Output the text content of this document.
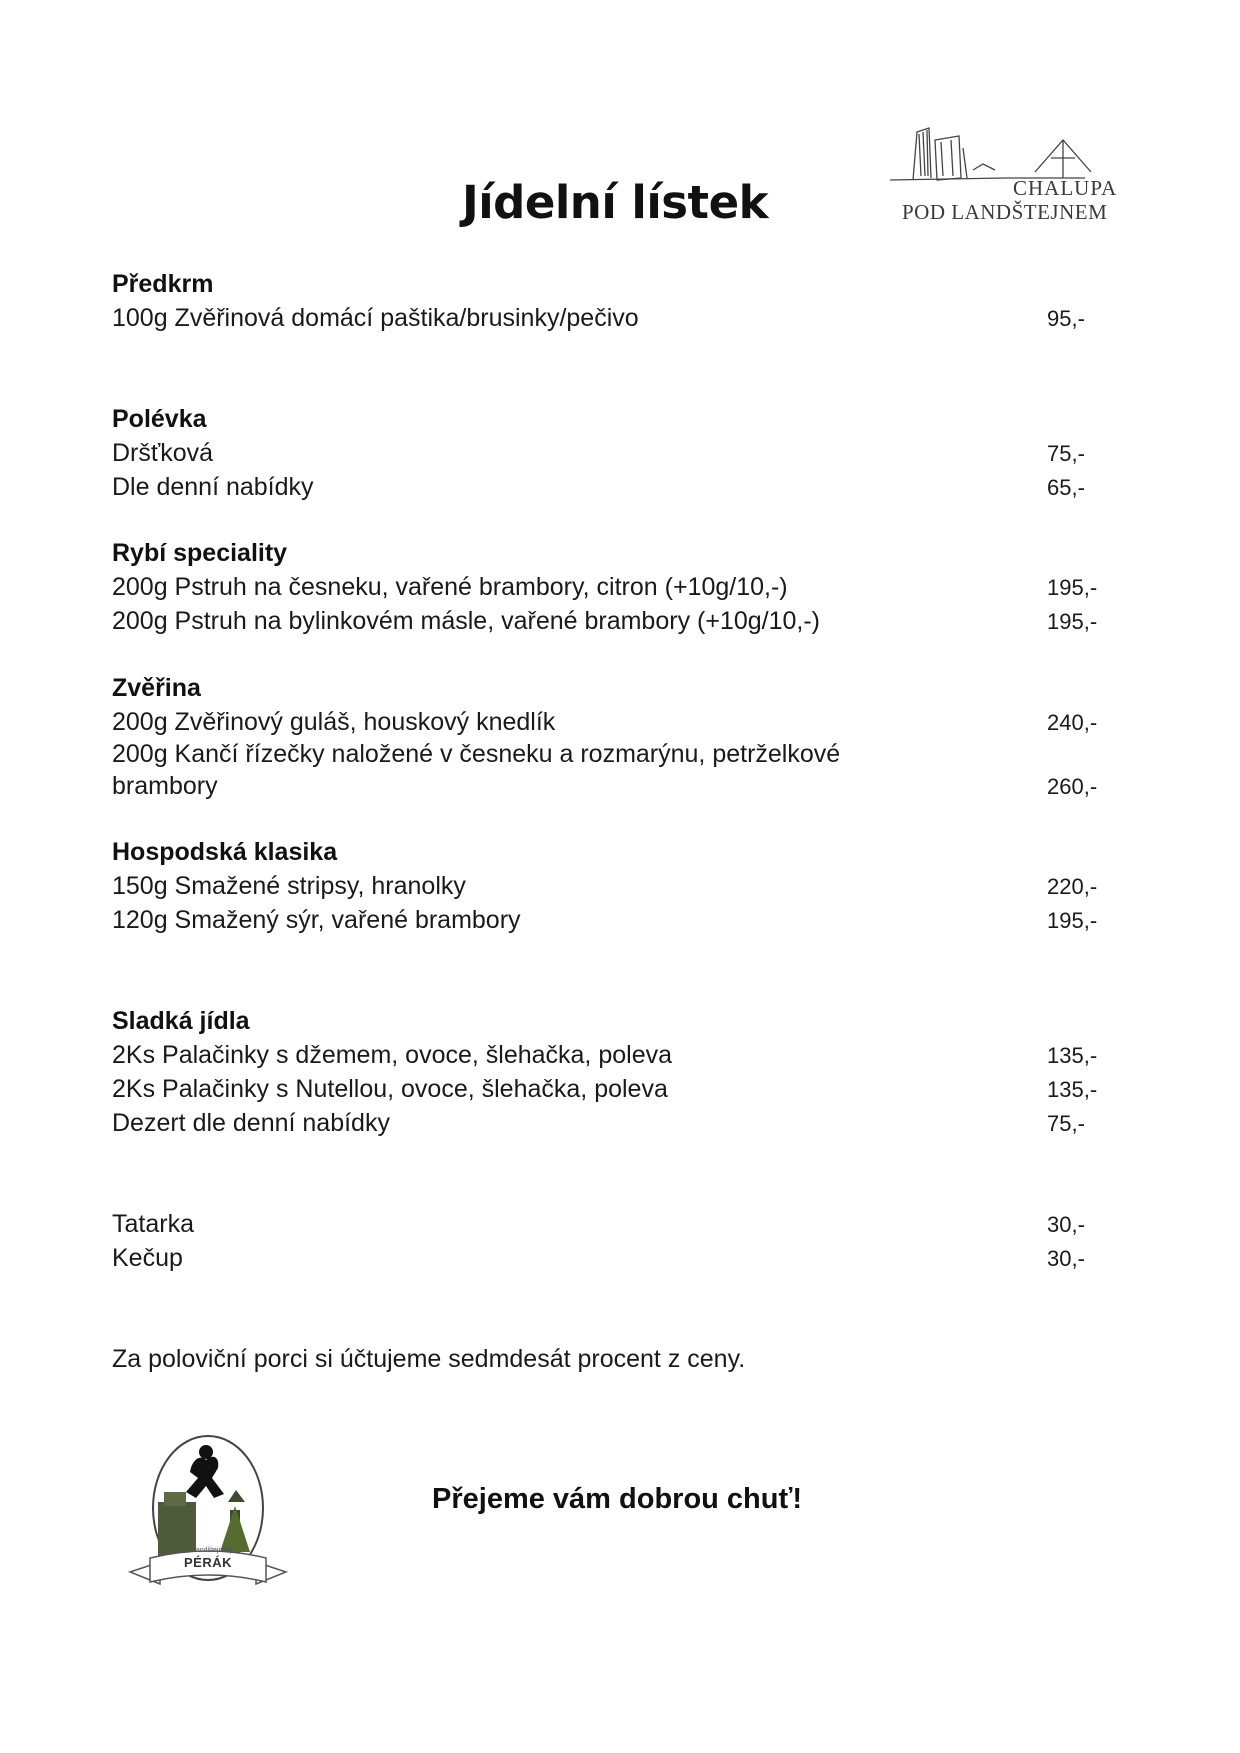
Jídelní lístek	CHALUPA
POD LANDŠTEJNEM
Předkrm
100g Zvěřinová domácí paštika/brusinky/pečivo	95,-
Polévka
Dršťková	75,-
Dle denní nabídky	65,-
Rybí speciality
200g Pstruh na česneku, vařené brambory, citron (+10g/10,-)	195,-
200g Pstruh na bylinkovém másle, vařené brambory (+10g/10,-)	195,-
Zvěřina
200g Zvěřinový guláš, houskový knedlík	240,-
200g Kančí řízečky naložené v česneku a rozmarýnu, petrželkové
brambory	260,-
Hospodská klasika
150g Smažené stripsy, hranolky	220,-
120g Smažený sýr, vařené brambory	195,-
Sladká jídla
2Ks Palačinky s džemem, ovoce, šlehačka, poleva	135,-
2Ks Palačinky s Nutellou, ovoce, šlehačka, poleva	135,-
Dezert dle denní nabídky	75,-
Tatarka	30,-
Kečup	30,-
Za poloviční porci si účtujeme sedmdesát procent z ceny.
Landštejnský
PÉRÁK
Přejeme vám dobrou chuť!
